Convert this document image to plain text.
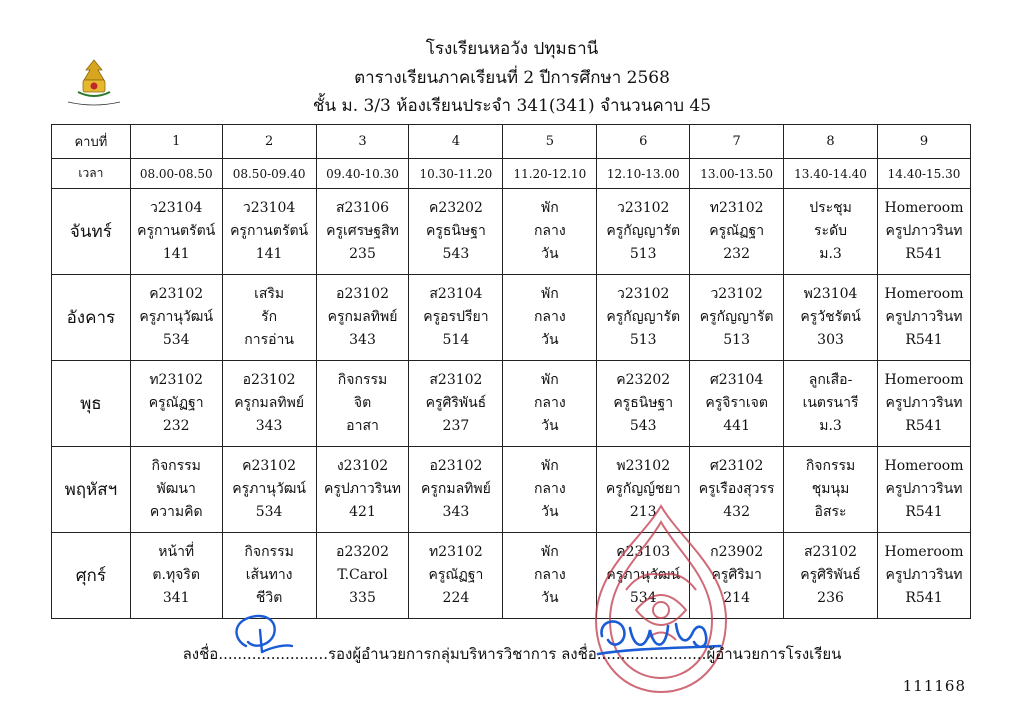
โรงเรียนหอวัง ปทุมธานี
ตารางเรียนภาคเรียนที่ 2 ปีการศึกษา 2568
ชั้น ม. 3/3 ห้องเรียนประจำ 341(341) จำนวนคาบ 45
คาบที่	1	2	3	4	5	6	7	8	9
เวลา	08.00-08.50	08.50-09.40	09.40-10.30	10.30-11.20	11.20-12.10	12.10-13.00	13.00-13.50	13.40-14.40	14.40-15.30
จันทร์	ว23104
ครูกานตรัตน์
141	ว23104
ครูกานตรัตน์
141	ส23106
ครูเศรษฐสิท
235	ค23202
ครูธนิษฐา
543	พัก
กลาง
วัน	ว23102
ครูกัญญารัต
513	ท23102
ครูณัฏฐา
232	ประชุม
ระดับ
ม.3	Homeroom
ครูปภาวรินท
R541

อังคาร	ค23102
ครูภานุวัฒน์
534	เสริม
รัก
การอ่าน	อ23102
ครูกมลทิพย์
343	ส23104
ครูอรปรียา
514	พัก
กลาง
วัน	ว23102
ครูกัญญารัต
513	ว23102
ครูกัญญารัต
513	พ23104
ครูวัชรัตน์
303	Homeroom
ครูปภาวรินท
R541

พุธ	ท23102
ครูณัฏฐา
232	อ23102
ครูกมลทิพย์
343	กิจกรรม
จิต
อาสา	ส23102
ครูศิริพันธ์
237	พัก
กลาง
วัน	ค23202
ครูธนิษฐา
543	ศ23104
ครูจิราเจต
441	ลูกเสือ-
เนตรนารี
ม.3	Homeroom
ครูปภาวรินท
R541

พฤหัสฯ	กิจกรรม
พัฒนา
ความคิด	ค23102
ครูภานุวัฒน์
534	ง23102
ครูปภาวรินท
421	อ23102
ครูกมลทิพย์
343	พัก
กลาง
วัน	พ23102
ครูกัญญ์ชยา
213	ศ23102
ครูเรืองสุวรร
432	กิจกรรม
ชุมนุม
อิสระ	Homeroom
ครูปภาวรินท
R541

ศุกร์	หน้าที่
ต.ทุจริต
341	กิจกรรม
เส้นทาง
ชีวิต	อ23202
T.Carol
335	ท23102
ครูณัฏฐา
224	พัก
กลาง
วัน	ค23103
ครูภานุวัฒน์
534	ก23902
ครูศิริมา
214	ส23102
ครูศิริพันธ์
236	Homeroom
ครูปภาวรินท
R541
ลงชื่อ.......................รองผู้อำนวยการกลุ่มบริหารวิชาการ ลงชื่อ.......................ผู้อำนวยการโรงเรียน
111168
